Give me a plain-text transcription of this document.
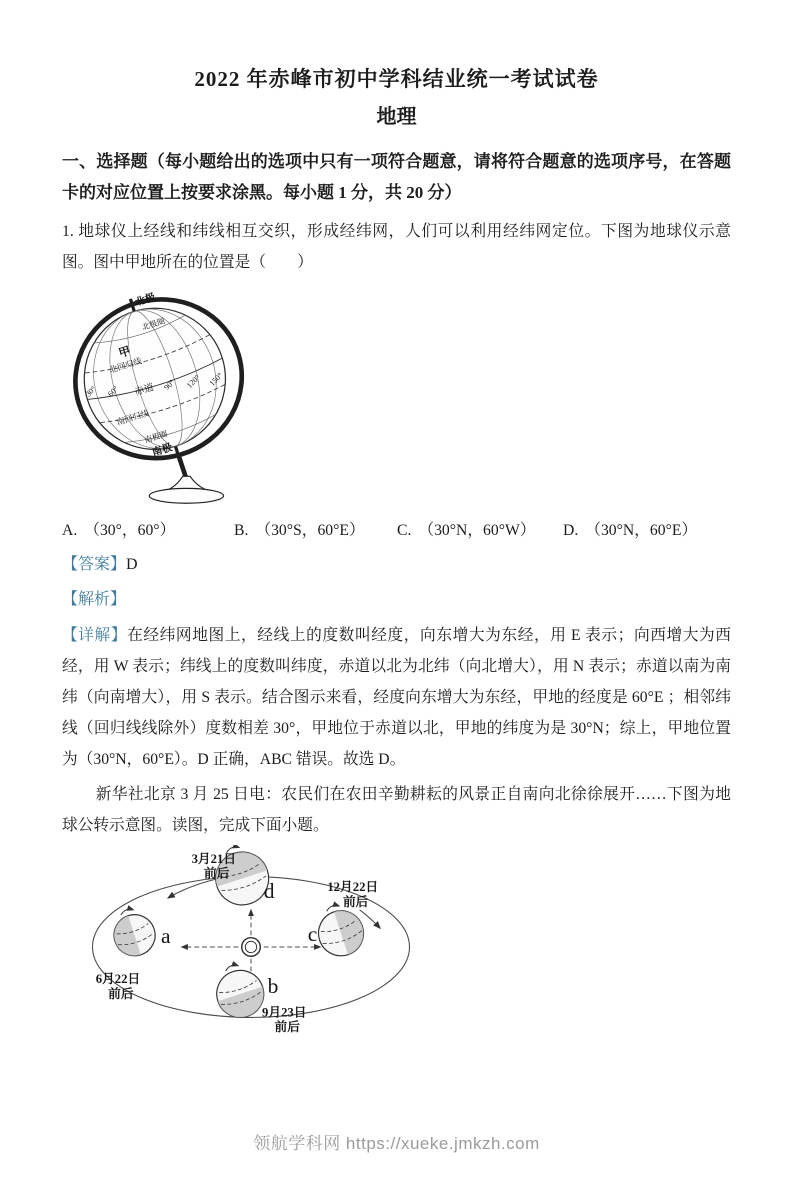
2022 年赤峰市初中学科结业统一考试试卷
地理
一、选择题（每小题给出的选项中只有一项符合题意，请将符合题意的选项序号，在答题卡的对应位置上按要求涂黑。每小题 1 分，共 20 分）
1. 地球仪上经线和纬线相互交织，形成经纬网，人们可以利用经纬网定位。下图为地球仪示意图。图中甲地所在的位置是（　　）
北极
北极圈
甲
北回归线
30° 60° 赤道 90° 120° 150°
南回归线
南极圈
南极
A. （30°，60°）	B. （30°S，60°E）	C. （30°N，60°W）	D. （30°N，60°E）
【答案】D
【解析】
【详解】在经纬网地图上，经线上的度数叫经度，向东增大为东经，用 E 表示；向西增大为西经，用 W 表示；纬线上的度数叫纬度，赤道以北为北纬（向北增大），用 N 表示；赤道以南为南纬（向南增大），用 S 表示。结合图示来看，经度向东增大为东经，甲地的经度是 60°E ；相邻纬线（回归线线除外）度数相差 30°，甲地位于赤道以北，甲地的纬度为是 30°N；综上，甲地位置为（30°N，60°E）。D 正确，ABC 错误。故选 D。
新华社北京 3 月 25 日电：农民们在农田辛勤耕耘的风景正自南向北徐徐展开……下图为地球公转示意图。读图，完成下面小题。
a
b
c
d
3月21日
前后
12月22日
前后
6月22日
前后
9月23日
前后
领航学科网 https://xueke.jmkzh.com
